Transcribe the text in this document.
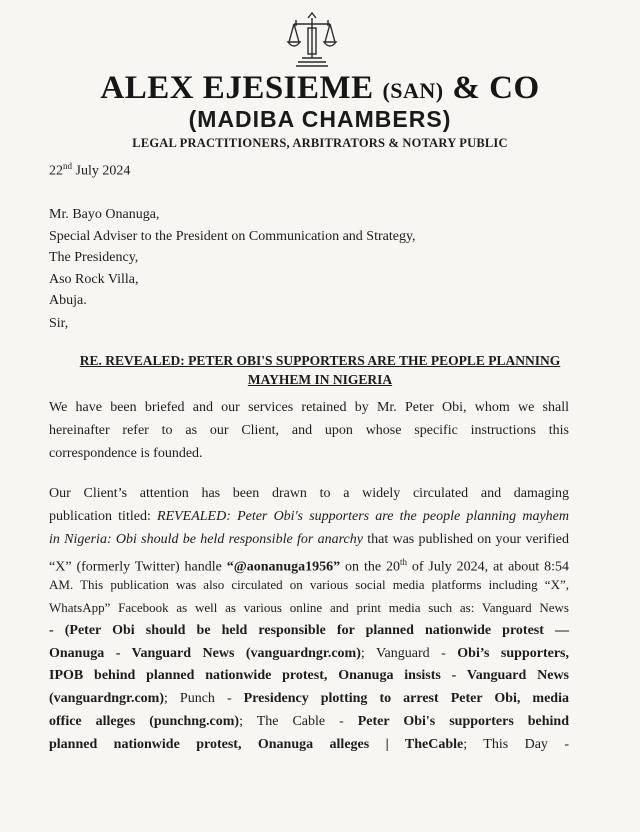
ALEX EJESIEME (SAN) & CO
(MADIBA CHAMBERS)
LEGAL PRACTITIONERS, ARBITRATORS & NOTARY PUBLIC
22nd July 2024
Mr. Bayo Onanuga,
Special Adviser to the President on Communication and Strategy,
The Presidency,
Aso Rock Villa,
Abuja.
Sir,
RE. REVEALED: PETER OBI'S SUPPORTERS ARE THE PEOPLE PLANNING
MAYHEM IN NIGERIA
We have been briefed and our services retained by Mr. Peter Obi, whom we shall
hereinafter refer to as our Client, and upon whose specific instructions this
correspondence is founded.
Our Client’s attention has been drawn to a widely circulated and damaging
publication titled: REVEALED: Peter Obi's supporters are the people planning mayhem
in Nigeria: Obi should be held responsible for anarchy that was published on your verified
“X” (formerly Twitter) handle “@aonanuga1956” on the 20th of July 2024, at about 8:54
AM. This publication was also circulated on various social media platforms including “X”,
WhatsApp” Facebook as well as various online and print media such as: Vanguard News
- (Peter Obi should be held responsible for planned nationwide protest —
Onanuga - Vanguard News (vanguardngr.com); Vanguard - Obi’s supporters,
IPOB behind planned nationwide protest, Onanuga insists - Vanguard News
(vanguardngr.com); Punch - Presidency plotting to arrest Peter Obi, media
office alleges (punchng.com); The Cable - Peter Obi's supporters behind
planned nationwide protest, Onanuga alleges | TheCable; This Day -
